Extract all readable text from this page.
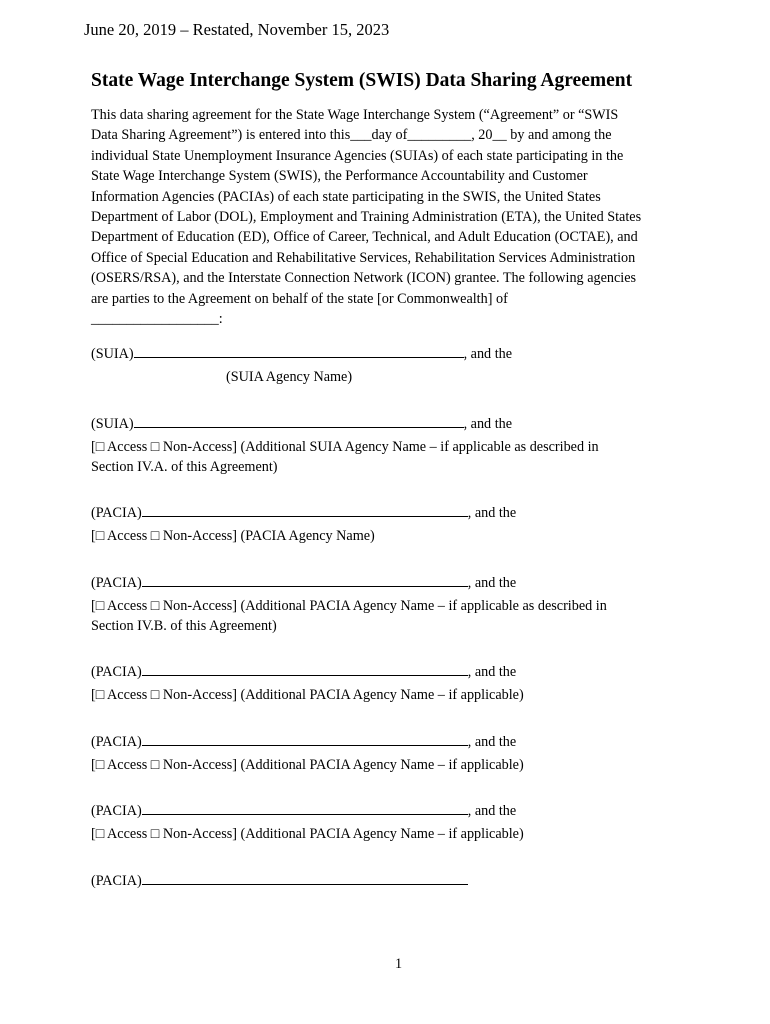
June 20, 2019 – Restated, November 15, 2023
State Wage Interchange System (SWIS) Data Sharing Agreement

This data sharing agreement for the State Wage Interchange System (“Agreement” or “SWIS

Data Sharing Agreement”) is entered into this___day of_________, 20__ by and among the

individual State Unemployment Insurance Agencies (SUIAs) of each state participating in the

State Wage Interchange System (SWIS), the Performance Accountability and Customer

Information Agencies (PACIAs) of each state participating in the SWIS, the United States

Department of Labor (DOL), Employment and Training Administration (ETA), the United States

Department of Education (ED), Office of Career, Technical, and Adult Education (OCTAE), and

Office of Special Education and Rehabilitative Services, Rehabilitation Services Administration

(OSERS/RSA), and the Interstate Connection Network (ICON) grantee. The following agencies

are parties to the Agreement on behalf of the state [or Commonwealth] of

__________________:

(SUIA)	, and the
(SUIA Agency Name)
(SUIA)	, and the
[□ Access □ Non-Access] (Additional SUIA Agency Name – if applicable as described in
Section IV.A. of this Agreement)
(PACIA)	, and the
[□ Access □ Non-Access] (PACIA Agency Name)
(PACIA)	, and the
[□ Access □ Non-Access] (Additional PACIA Agency Name – if applicable as described in
Section IV.B. of this Agreement)
(PACIA)	, and the
[□ Access □ Non-Access] (Additional PACIA Agency Name – if applicable)
(PACIA)	, and the
[□ Access □ Non-Access] (Additional PACIA Agency Name – if applicable)
(PACIA)	, and the
[□ Access □ Non-Access] (Additional PACIA Agency Name – if applicable)
(PACIA)
1
